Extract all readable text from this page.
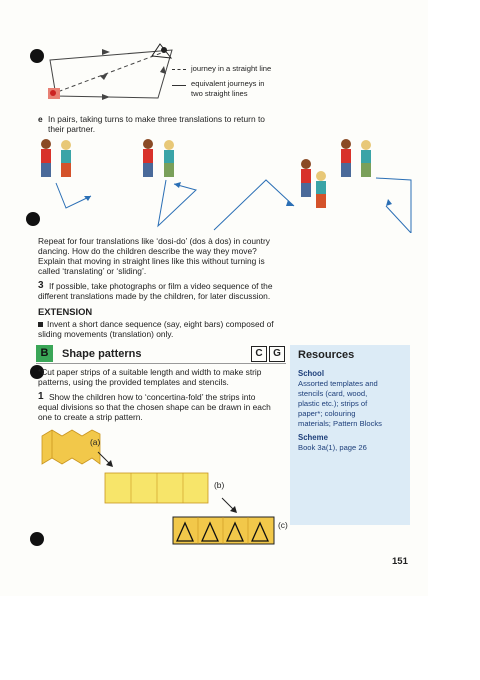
journey in a straight line
equivalent journeys in
two straight lines
e In pairs, taking turns to make three translations to return to
their partner.
Repeat for four translations like ‘dosi-do’ (dos à dos) in country
dancing. How do the children describe the way they move?
Explain that moving in straight lines like this without turning is
called ‘translating’ or ‘sliding’.
3 If possible, take photographs or film a video sequence of the
different translations made by the children, for later discussion.
EXTENSION
Invent a short dance sequence (say, eight bars) composed of
sliding movements (translation) only.
B	Shape patterns	C	G
*Cut paper strips of a suitable length and width to make strip
patterns, using the provided templates and stencils.
1 Show the children how to ‘concertina-fold’ the strips into
equal divisions so that the chosen shape can be drawn in each
one to create a strip pattern.
(a)
(b)
(c)
Resources
School
Assorted templates and
stencils (card, wood,
plastic etc.); strips of
paper*; colouring
materials; Pattern Blocks
Scheme
Book 3a(1), page 26
151
